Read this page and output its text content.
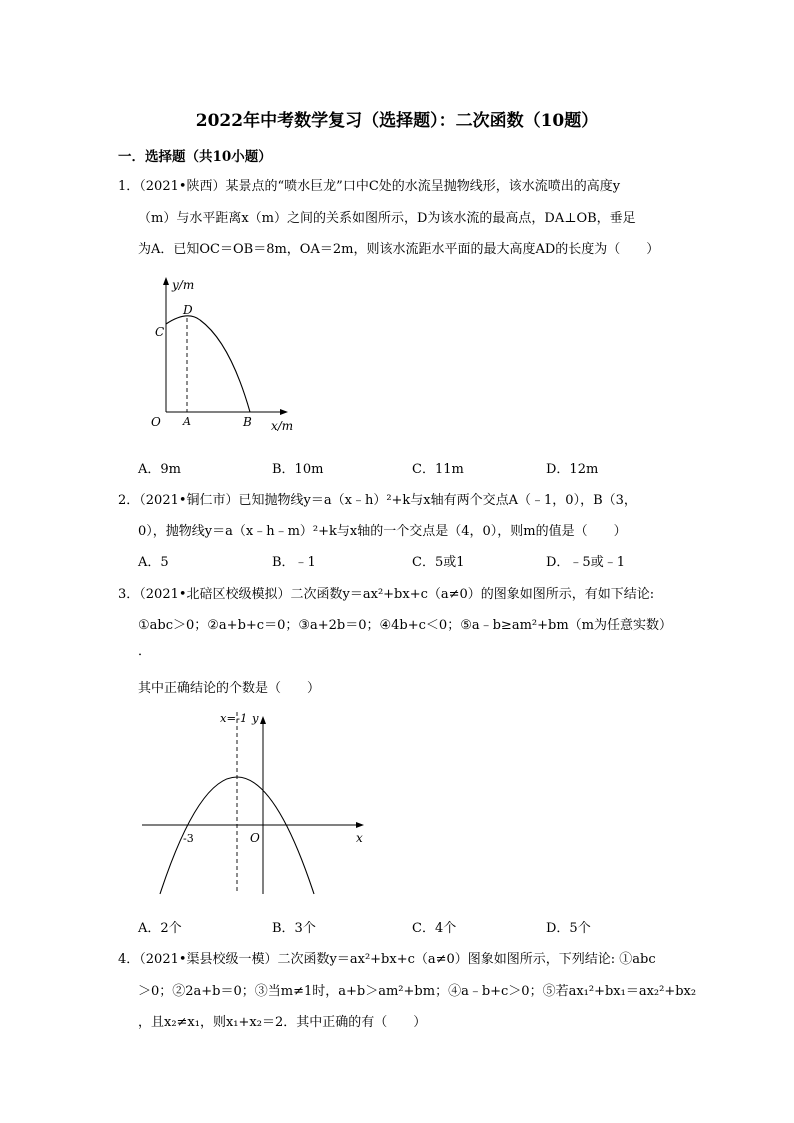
2022年中考数学复习（选择题）：二次函数（10题）
一．选择题（共10小题）
1．（2021•陕西）某景点的“喷水巨龙”口中C处的水流呈抛物线形，该水流喷出的高度y
（m）与水平距离x（m）之间的关系如图所示，D为该水流的最高点，DA⊥OB，垂足
为A．已知OC＝OB＝8m，OA＝2m，则该水流距水平面的最大高度AD的长度为（　　）
y/m
D
C
O A	B x/m
A．9m	B．10m	C．11m	D．12m
2．（2021•铜仁市）已知抛物线y＝a（x﹣h）²+k与x轴有两个交点A（﹣1，0），B（3，
0），抛物线y＝a（x﹣h﹣m）²+k与x轴的一个交点是（4，0），则m的值是（　　）
A．5	B．﹣1	C．5或1	D．﹣5或﹣1
3．（2021•北碚区校级模拟）二次函数y＝ax²+bx+c（a≠0）的图象如图所示，有如下结论:
①abc＞0；②a+b+c＝0；③a+2b＝0；④4b+c＜0；⑤a﹣b≥am²+bm（m为任意实数）
．
其中正确结论的个数是（　　）
x=-1 y
O
-3	x
A．2个	B．3个	C．4个	D．5个
4．（2021•渠县校级一模）二次函数y＝ax²+bx+c（a≠0）图象如图所示，下列结论: ①abc
＞0；②2a+b＝0；③当m≠1时，a+b＞am²+bm；④a﹣b+c＞0；⑤若ax₁²+bx₁＝ax₂²+bx₂
，且x₂≠x₁，则x₁+x₂＝2．其中正确的有（　　）
